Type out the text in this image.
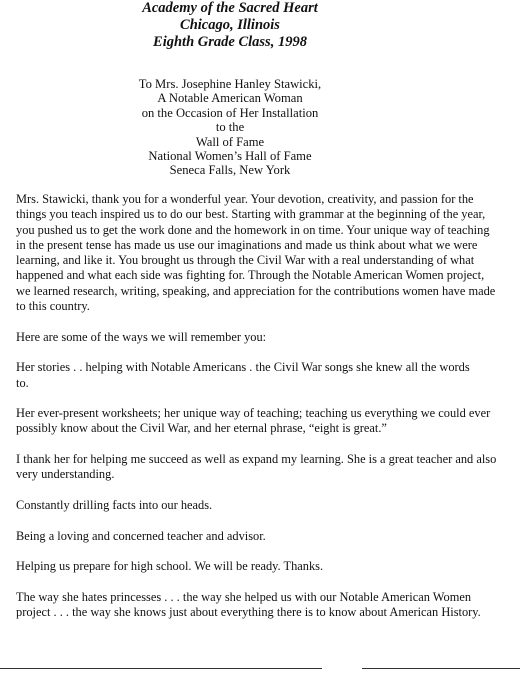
Academy of the Sacred Heart
Chicago, Illinois
Eighth Grade Class, 1998
To Mrs. Josephine Hanley Stawicki,
A Notable American Woman
on the Occasion of Her Installation
to the
Wall of Fame
National Women’s Hall of Fame
Seneca Falls, New York

Mrs. Stawicki, thank you for a wonderful year. Your devotion, creativity, and passion for the
things you teach inspired us to do our best. Starting with grammar at the beginning of the year,
you pushed us to get the work done and the homework in on time. Your unique way of teaching
in the present tense has made us use our imaginations and made us think about what we were
learning, and like it. You brought us through the Civil War with a real understanding of what
happened and what each side was fighting for. Through the Notable American Women project,
we learned research, writing, speaking, and appreciation for the contributions women have made
to this country.

Here are some of the ways we will remember you:

Her stories . . helping with Notable Americans . the Civil War songs she knew all the words
to.

Her ever-present worksheets; her unique way of teaching; teaching us everything we could ever
possibly know about the Civil War, and her eternal phrase, “eight is great.”

I thank her for helping me succeed as well as expand my learning. She is a great teacher and also
very understanding.

Constantly drilling facts into our heads.

Being a loving and concerned teacher and advisor.

Helping us prepare for high school. We will be ready. Thanks.

The way she hates princesses . . . the way she helped us with our Notable American Women
project . . . the way she knows just about everything there is to know about American History.
